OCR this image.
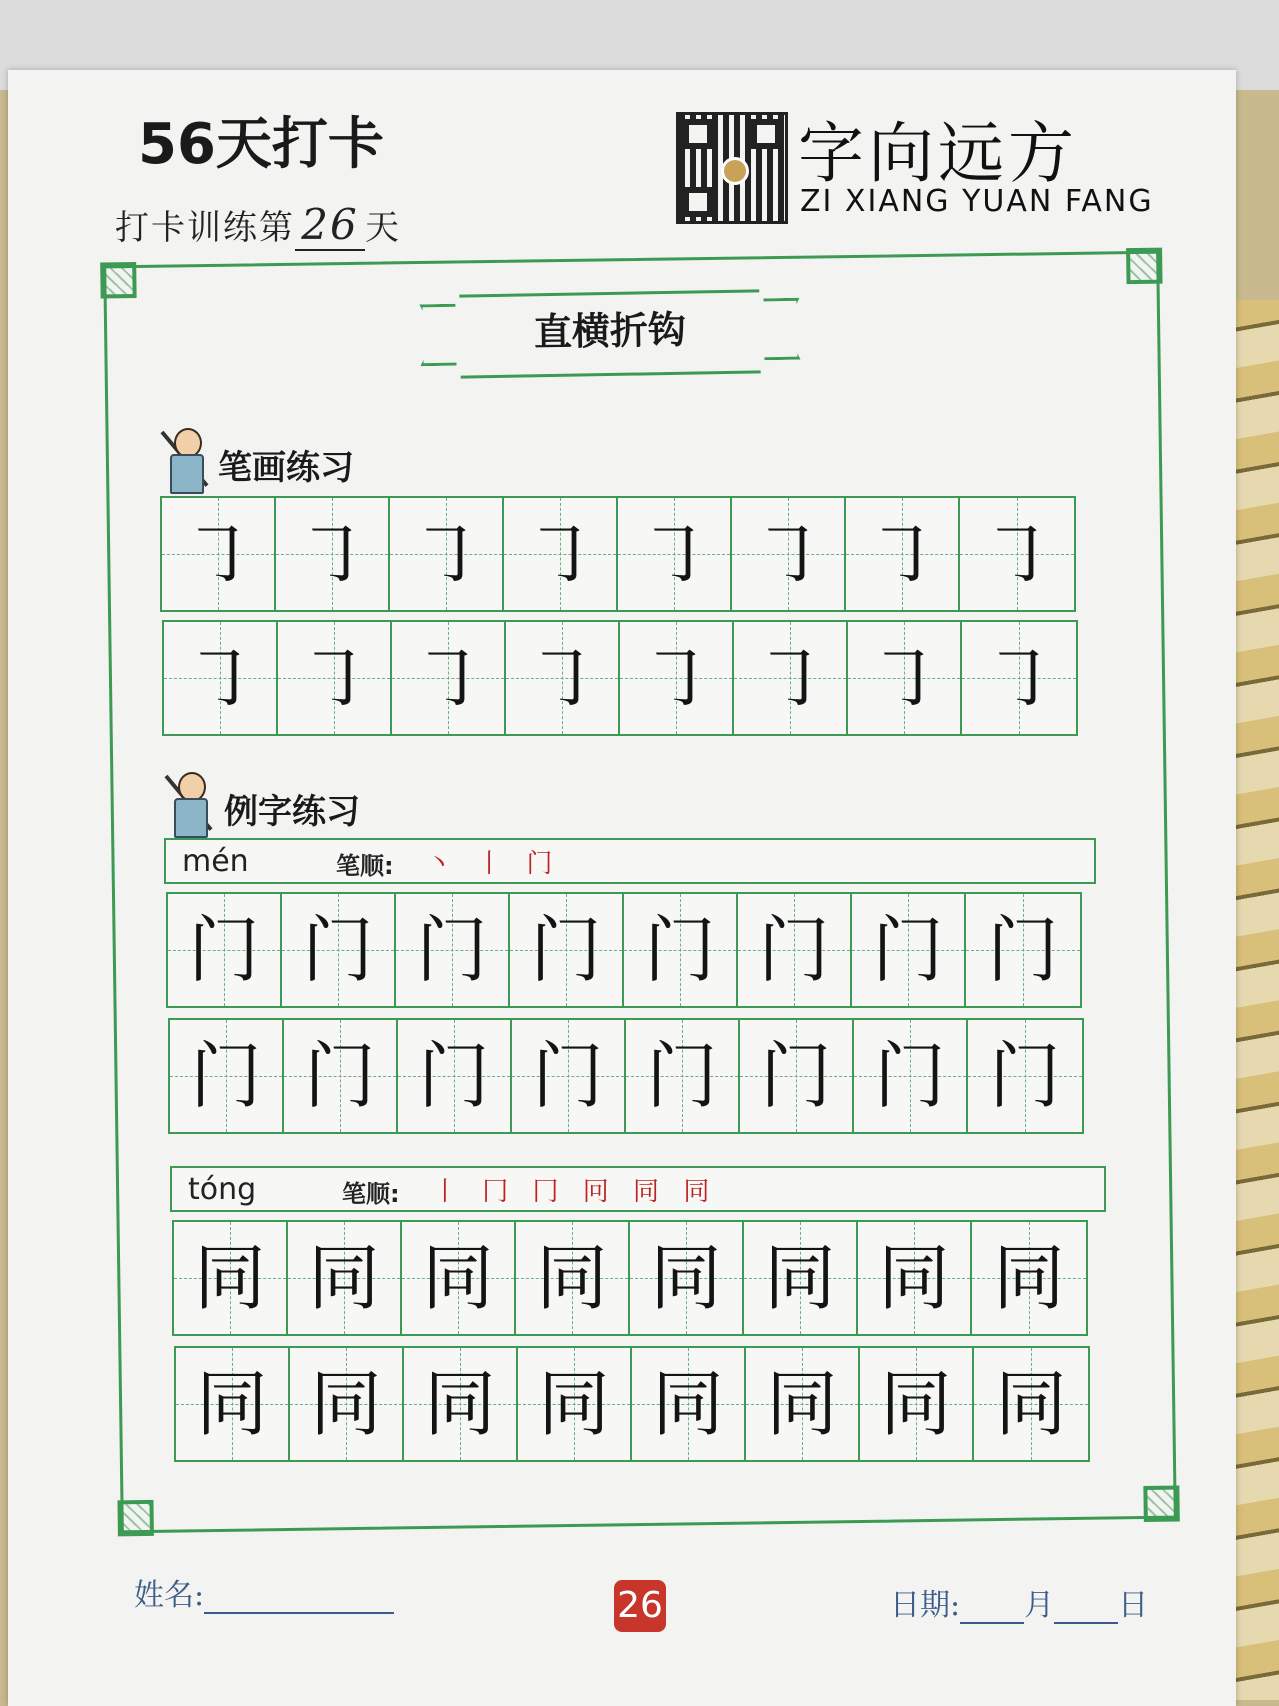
56天打卡
打卡训练第 26 天
字向远方
ZI XIANG YUAN FANG
直横折钩
笔画练习
㇆ ㇆ ㇆ ㇆ ㇆ ㇆ ㇆ ㇆
㇆ ㇆ ㇆ ㇆ ㇆ ㇆ ㇆ ㇆
例字练习
mén	笔顺: 丶 丨 门
门 门 门 门 门 门 门 门
门 门 门 门 门 门 门 门
tóng	笔顺: 丨 冂 冂 冋 同 同
同 同 同 同 同 同 同 同
同 同 同 同 同 同 同 同
姓名:	26	日期: 月 日
